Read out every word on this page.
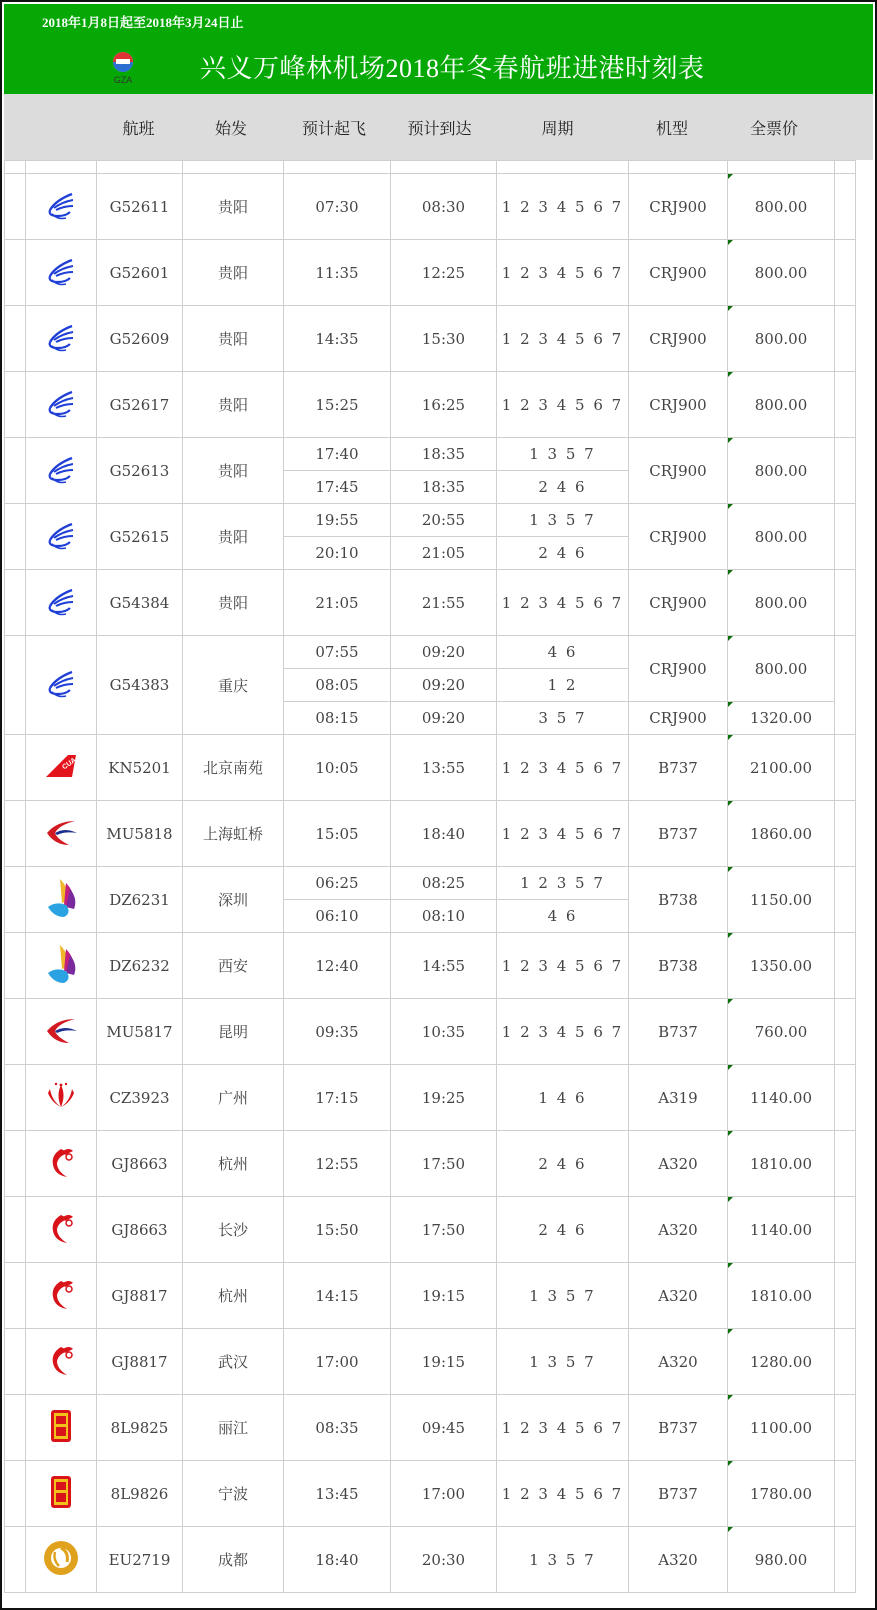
2018年1月8日起至2018年3月24日止
GZA	兴义万峰林机场2018年冬春航班进港时刻表
航班	始发	预计起飞	预计到达	周期	机型	全票价

		G52611	贵阳	07:30	08:30	1 2 3 4 5 6 7	CRJ900	800.00	
		G52601	贵阳	11:35	12:25	1 2 3 4 5 6 7	CRJ900	800.00	
		G52609	贵阳	14:35	15:30	1 2 3 4 5 6 7	CRJ900	800.00	
		G52617	贵阳	15:25	16:25	1 2 3 4 5 6 7	CRJ900	800.00	
		G52613	贵阳	17:40	18:35	1 3 5 7	CRJ900	800.00	
				17:45	18:35	2 4 6			
		G52615	贵阳	19:55	20:55	1 3 5 7	CRJ900	800.00	
				20:10	21:05	2 4 6			
		G54384	贵阳	21:05	21:55	1 2 3 4 5 6 7	CRJ900	800.00	
		G54383	重庆	07:55	09:20	4 6	CRJ900	800.00	
				08:05	09:20	1 2			
				08:15	09:20	3 5 7	CRJ900	1320.00	

CUA	KN5201	北京南苑	10:05	13:55	1 2 3 4 5 6 7	B737	2100.00	
		MU5818	上海虹桥	15:05	18:40	1 2 3 4 5 6 7	B737	1860.00	
		DZ6231	深圳	06:25	08:25	1 2 3 5 7	B738	1150.00	
				06:10	08:10	4 6			
		DZ6232	西安	12:40	14:55	1 2 3 4 5 6 7	B738	1350.00	
		MU5817	昆明	09:35	10:35	1 2 3 4 5 6 7	B737	760.00	
		CZ3923	广州	17:15	19:25	1 4 6	A319	1140.00	
		GJ8663	杭州	12:55	17:50	2 4 6	A320	1810.00	
		GJ8663	长沙	15:50	17:50	2 4 6	A320	1140.00	
		GJ8817	杭州	14:15	19:15	1 3 5 7	A320	1810.00	
		GJ8817	武汉	17:00	19:15	1 3 5 7	A320	1280.00	
		8L9825	丽江	08:35	09:45	1 2 3 4 5 6 7	B737	1100.00	
		8L9826	宁波	13:45	17:00	1 2 3 4 5 6 7	B737	1780.00	
		EU2719	成都	18:40	20:30	1 3 5 7	A320	980.00	
